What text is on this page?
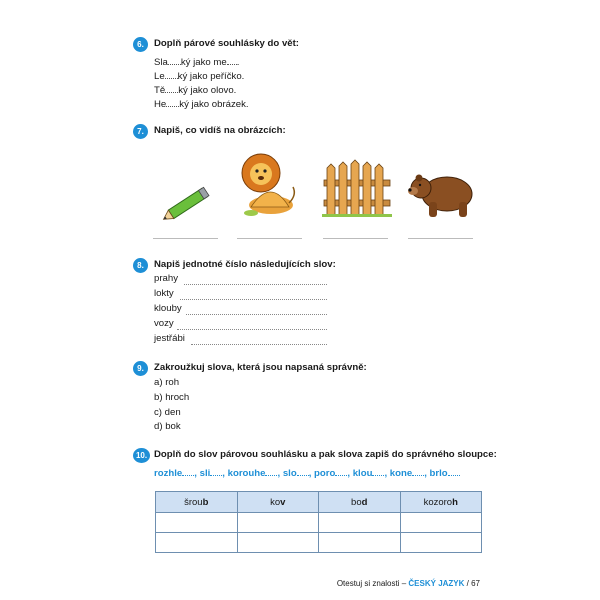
6.	Doplň párové souhlásky do vět:
Sla ký jako me .
Le ký jako peříčko.
Tě ký jako olovo.
He ký jako obrázek.
7.	Napiš, co vidíš na obrázcích:
8.	Napiš jednotné číslo následujících slov:
prahy
lokty
klouby
vozy
jestřábi
9.	Zakroužkuj slova, která jsou napsaná správně:
a) roh
b) hroch
c) den
d) bok
10. Doplň do slov párovou souhlásku a pak slova zapiš do správného sloupce:
rozhle , sli , korouhe , slo , poro , klou , kone , brlo
šroub	kov	bod	kozoroh

Otestuj si znalosti – ČESKÝ JAZYK / 67
